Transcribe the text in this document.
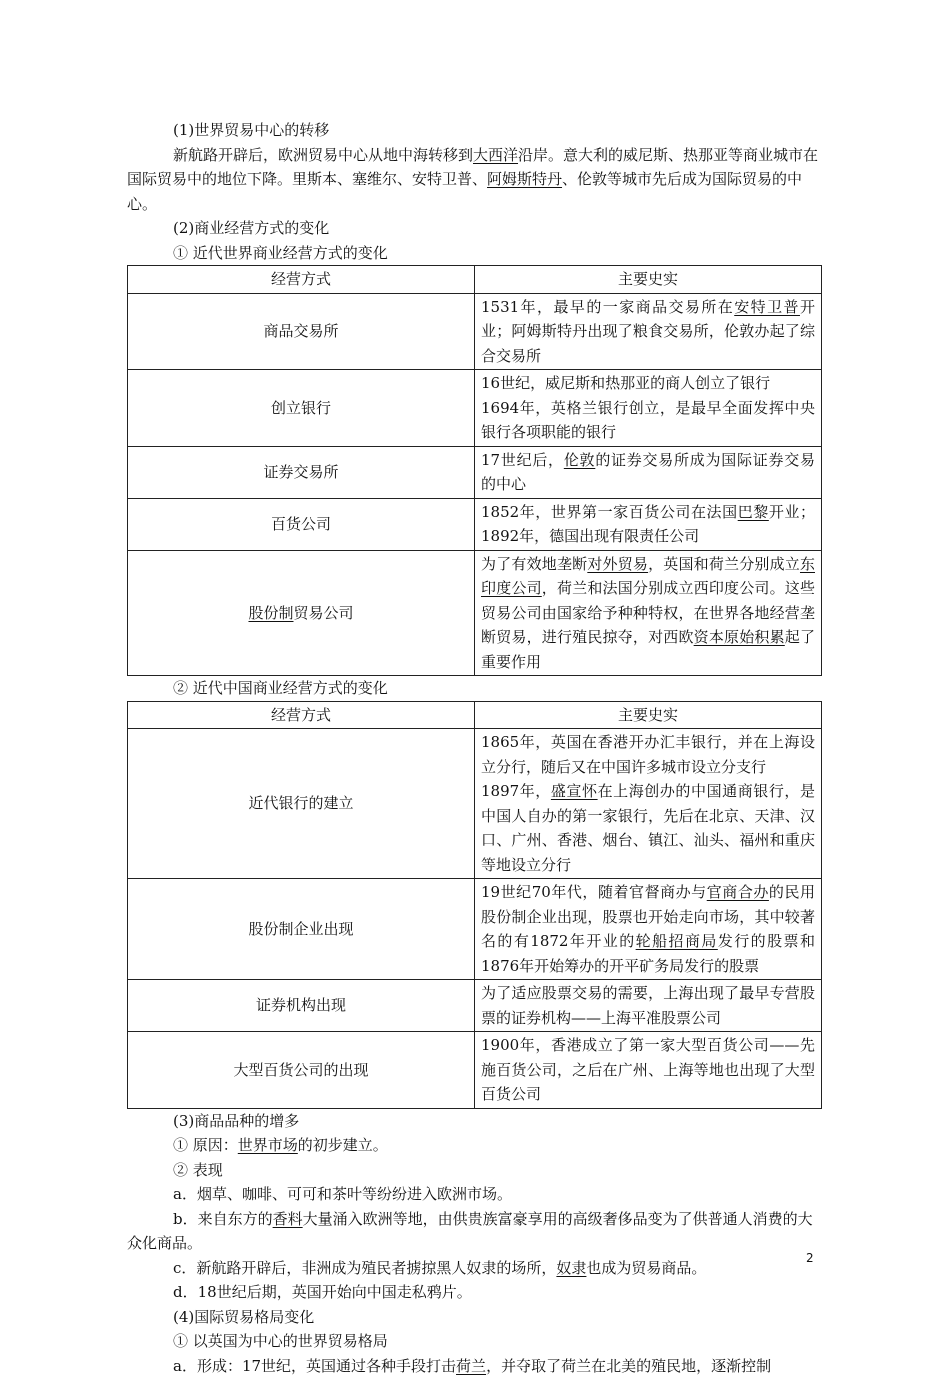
(1)世界贸易中心的转移

新航路开辟后，欧洲贸易中心从地中海转移到大西洋沿岸。意大利的威尼斯、热那亚等商业城市在国际贸易中的地位下降。里斯本、塞维尔、安特卫普、阿姆斯特丹、伦敦等城市先后成为国际贸易的中心。

(2)商业经营方式的变化

① 近代世界商业经营方式的变化

经营方式	主要史实
商品交易所	1531年，最早的一家商品交易所在安特卫普开业；阿姆斯特丹出现了粮食交易所，伦敦办起了综合交易所
创立银行	16世纪，威尼斯和热那亚的商人创立了银行
1694年，英格兰银行创立，是最早全面发挥中央银行各项职能的银行

证券交易所	17世纪后，伦敦的证券交易所成为国际证券交易的中心
百货公司	1852年，世界第一家百货公司在法国巴黎开业；1892年，德国出现有限责任公司
股份制贸易公司	为了有效地垄断对外贸易，英国和荷兰分别成立东印度公司，荷兰和法国分别成立西印度公司。这些贸易公司由国家给予种种特权，在世界各地经营垄断贸易，进行殖民掠夺，对西欧资本原始积累起了重要作用

② 近代中国商业经营方式的变化

经营方式	主要史实
近代银行的建立	1865年，英国在香港开办汇丰银行，并在上海设立分行，随后又在中国许多城市设立分支行
1897年，盛宣怀在上海创办的中国通商银行，是中国人自办的第一家银行，先后在北京、天津、汉口、广州、香港、烟台、镇江、汕头、福州和重庆等地设立分行

股份制企业出现	19世纪70年代，随着官督商办与官商合办的民用股份制企业出现，股票也开始走向市场，其中较著名的有1872年开业的轮船招商局发行的股票和1876年开始筹办的开平矿务局发行的股票
证券机构出现	为了适应股票交易的需要，上海出现了最早专营股票的证券机构——上海平准股票公司
大型百货公司的出现	1900年，香港成立了第一家大型百货公司——先施百货公司，之后在广州、上海等地也出现了大型百货公司

(3)商品品种的增多

① 原因：世界市场的初步建立。

② 表现

a．烟草、咖啡、可可和茶叶等纷纷进入欧洲市场。

b．来自东方的香料大量涌入欧洲等地，由供贵族富豪享用的高级奢侈品变为了供普通人消费的大众化商品。

c．新航路开辟后，非洲成为殖民者掳掠黑人奴隶的场所，奴隶也成为贸易商品。

d．18世纪后期，英国开始向中国走私鸦片。

(4)国际贸易格局变化

① 以英国为中心的世界贸易格局

a．形成：17世纪，英国通过各种手段打击荷兰，并夺取了荷兰在北美的殖民地，逐渐控制

2
